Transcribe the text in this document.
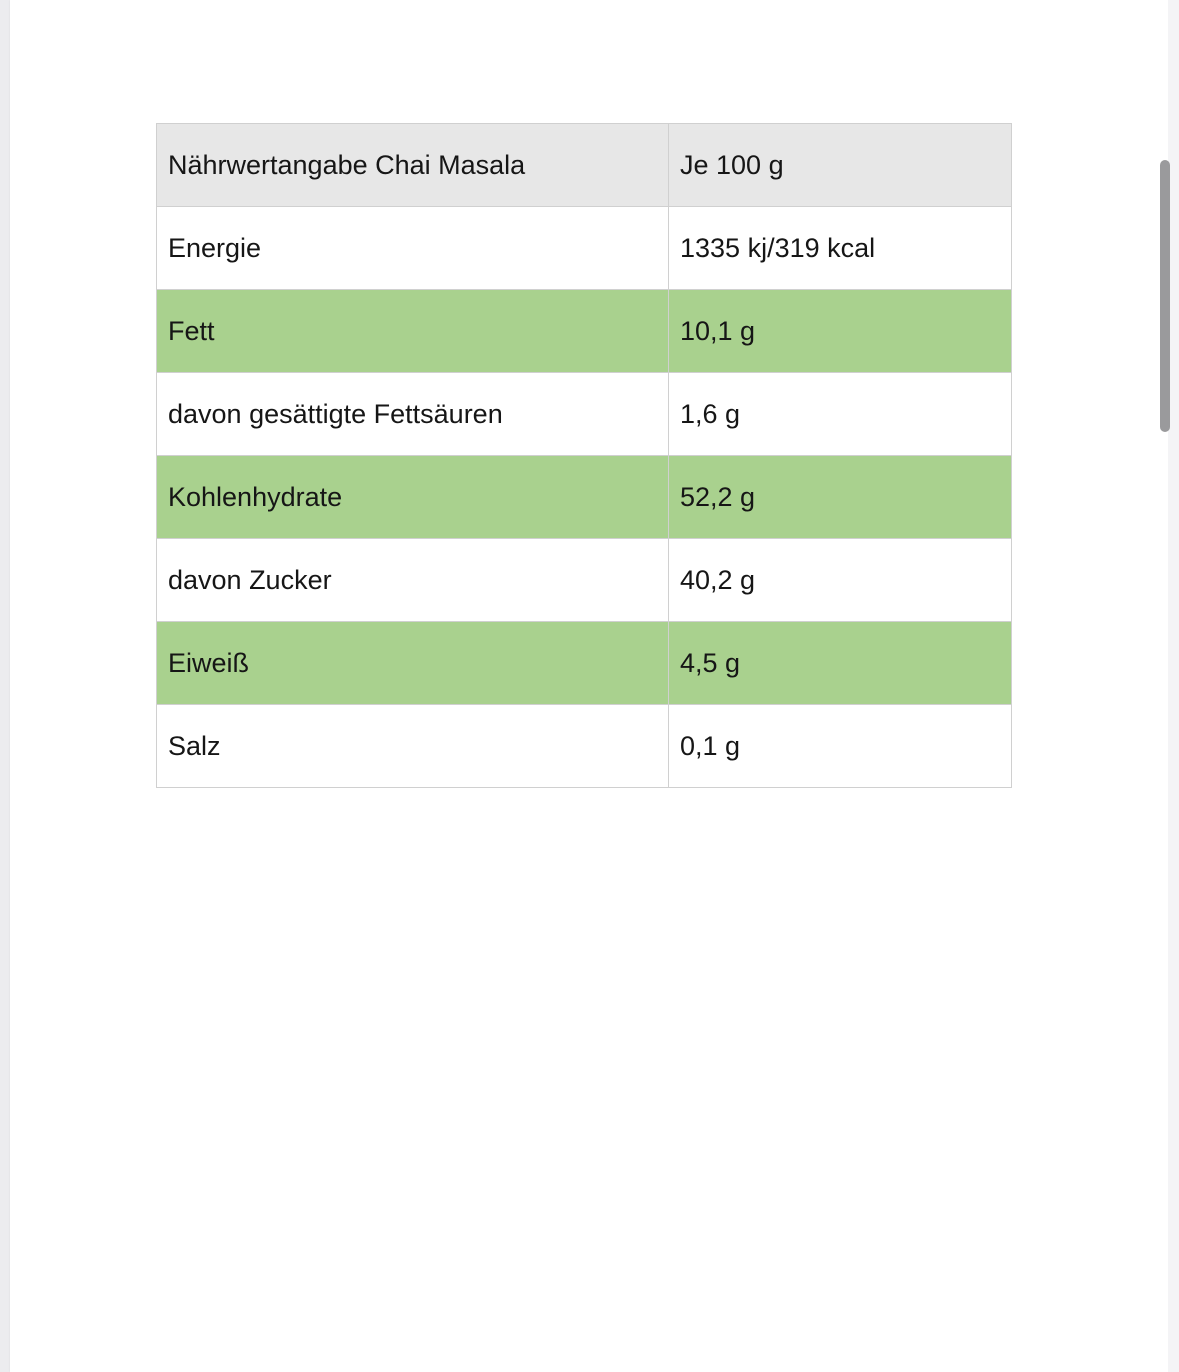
Nährwertangabe Chai Masala	Je 100 g
Energie	1335 kj/319 kcal
Fett	10,1 g
davon gesättigte Fettsäuren	1,6 g
Kohlenhydrate	52,2 g
davon Zucker	40,2 g
Eiweiß	4,5 g
Salz	0,1 g
